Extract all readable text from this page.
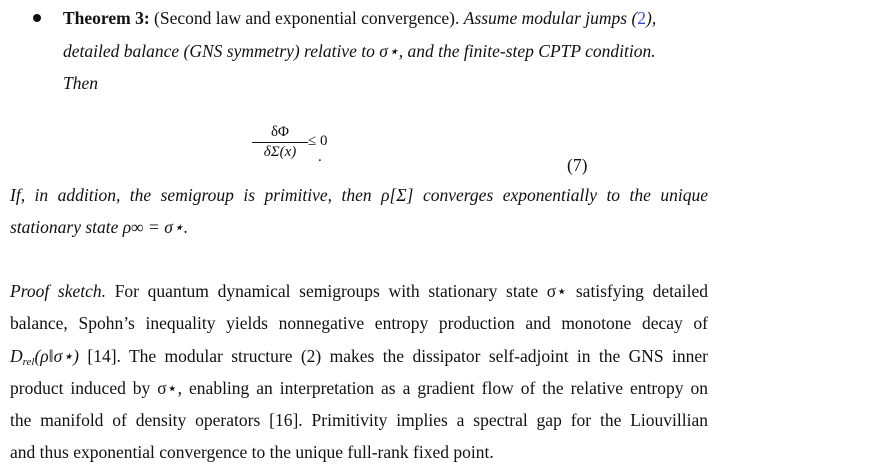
Theorem 3: (Second law and exponential convergence). Assume modular jumps (2),
detailed balance (GNS symmetry) relative to σ⋆, and the finite-step CPTP condition.
Then
δΦ
δΣ(x)
≤ 0
.	(7)
If, in addition, the semigroup is primitive, then ρ[Σ] converges exponentially to the unique
stationary state ρ∞ = σ⋆.
Proof sketch. For quantum dynamical semigroups with stationary state σ⋆ satisfying detailed
balance, Spohn’s inequality yields nonnegative entropy production and monotone decay of
$D_{rel}(\rho‖\sigma⋆)$ [14]. The modular structure (2) makes the dissipator self-adjoint in the GNS inner
product induced by σ⋆, enabling an interpretation as a gradient flow of the relative entropy on
the manifold of density operators [16]. Primitivity implies a spectral gap for the Liouvillian
and thus exponential convergence to the unique full-rank fixed point.
